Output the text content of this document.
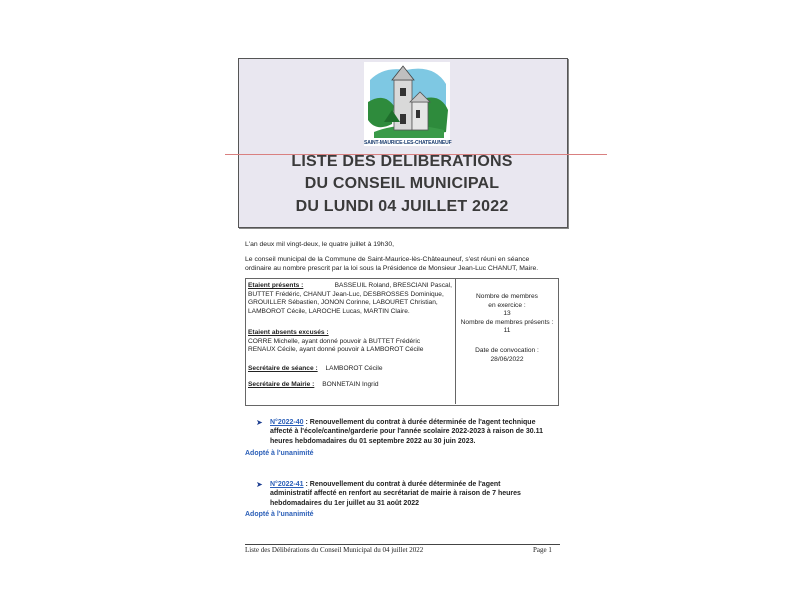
SAINT-MAURICE-LES-CHATEAUNEUF
LISTE DES DELIBERATIONS
DU CONSEIL MUNICIPAL
DU LUNDI 04 JUILLET 2022
L'an deux mil vingt-deux, le quatre juillet à 19h30,
Le conseil municipal de la Commune de Saint-Maurice-lès-Châteauneuf, s'est réuni en séance
ordinaire au nombre prescrit par la loi sous la Présidence de Monsieur Jean-Luc CHANUT, Maire.
Etaient présents :	BASSEUIL Roland, BRESCIANI Pascal,
BUTTET Frédéric, CHANUT Jean-Luc, DESBROSSES Dominique,
GROUILLER Sébastien, JONON Corinne, LABOURET Christian,
LAMBOROT Cécile, LAROCHE Lucas, MARTIN Claire.
Etaient absents excusés :
CORRE Michelle, ayant donné pouvoir à BUTTET Frédéric
RENAUX Cécile, ayant donné pouvoir à LAMBOROT Cécile
Secrétaire de séance : LAMBOROT Cécile
Secrétaire de Mairie : BONNETAIN Ingrid
Nombre de membres
en exercice :
13
Nombre de membres présents :
11
Date de convocation :
28/06/2022
➤ N°2022-40 : Renouvellement du contrat à durée déterminée de l'agent technique
affecté à l'école/cantine/garderie pour l'année scolaire 2022-2023 à raison de 30.11
heures hebdomadaires du 01 septembre 2022 au 30 juin 2023.
Adopté à l'unanimité
➤ N°2022-41 : Renouvellement du contrat à durée déterminée de l'agent
administratif affecté en renfort au secrétariat de mairie à raison de 7 heures
hebdomadaires du 1er juillet au 31 août 2022
Adopté à l'unanimité
Liste des Délibérations du Conseil Municipal du 04 juillet 2022	Page 1
